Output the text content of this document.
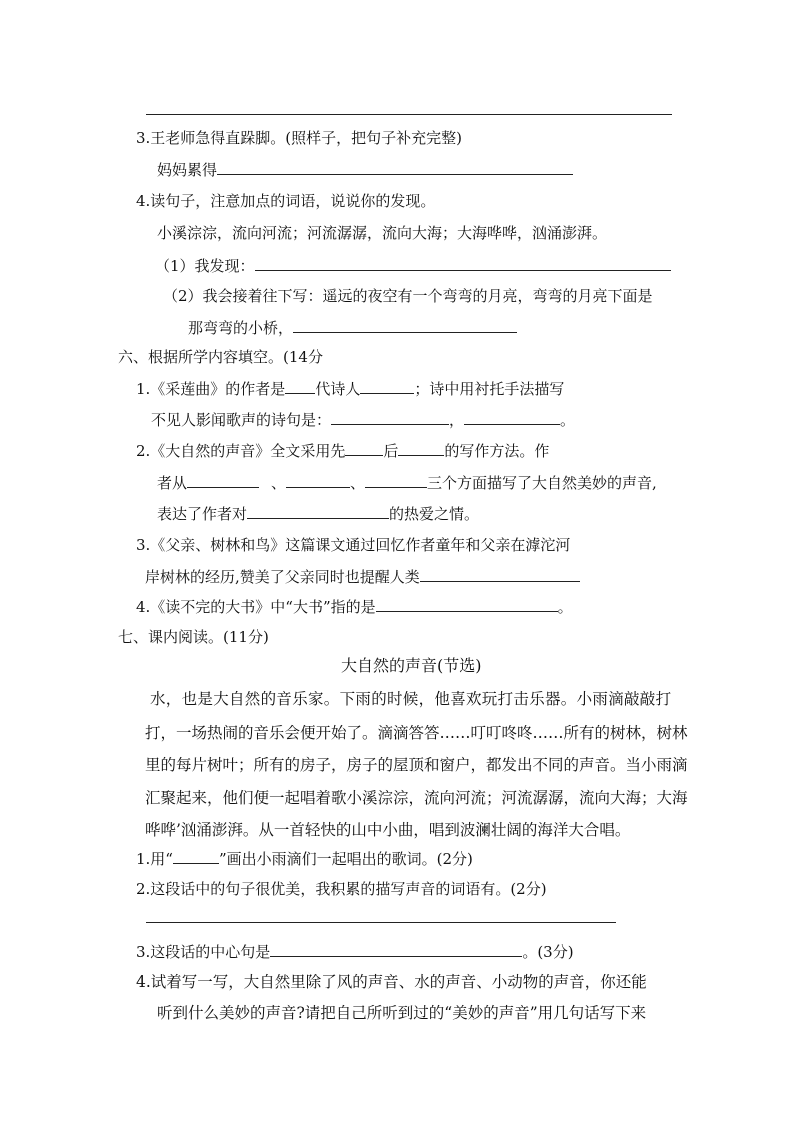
3.王老师急得直跺脚。(照样子，把句子补充完整)
妈妈累得
4.读句子，注意加点的词语，说说你的发现。
小溪淙淙，流向河流；河流潺潺，流向大海；大海哗哗，汹涌澎湃。
（1）我发现：
（2）我会接着往下写：遥远的夜空有一个弯弯的月亮，弯弯的月亮下面是
那弯弯的小桥，
六、根据所学内容填空。(14分
1.《采莲曲》的作者是 代诗人	；诗中用衬托手法描写
不见人影闻歌声的诗句是：	，	。
2.《大自然的声音》全文采用先	后	的写作方法。作
者从	、	、	三个方面描写了大自然美妙的声音,
表达了作者对	的热爱之情。
3.《父亲、树林和鸟》这篇课文通过回忆作者童年和父亲在滹沱河
岸树林的经历,赞美了父亲同时也提醒人类
4.《读不完的大书》中“大书”指的是	。
七、课内阅读。(11分)
大自然的声音(节选)
水，也是大自然的音乐家。下雨的时候，他喜欢玩打击乐器。小雨滴敲敲打
打，一场热闹的音乐会便开始了。滴滴答答……叮叮咚咚……所有的树林，树林
里的每片树叶；所有的房子，房子的屋顶和窗户，都发出不同的声音。当小雨滴
汇聚起来，他们便一起唱着歌小溪淙淙，流向河流；河流潺潺，流向大海；大海
哗哗’汹涌澎湃。从一首轻快的山中小曲，唱到波澜壮阔的海洋大合唱。
1.用“	”画出小雨滴们一起唱出的歌词。(2分)
2.这段话中的句子很优美，我积累的描写声音的词语有。(2分)
3.这段话的中心句是	。(3分)
4.试着写一写，大自然里除了风的声音、水的声音、小动物的声音，你还能
听到什么美妙的声音?请把自己所听到过的“美妙的声音”用几句话写下来
